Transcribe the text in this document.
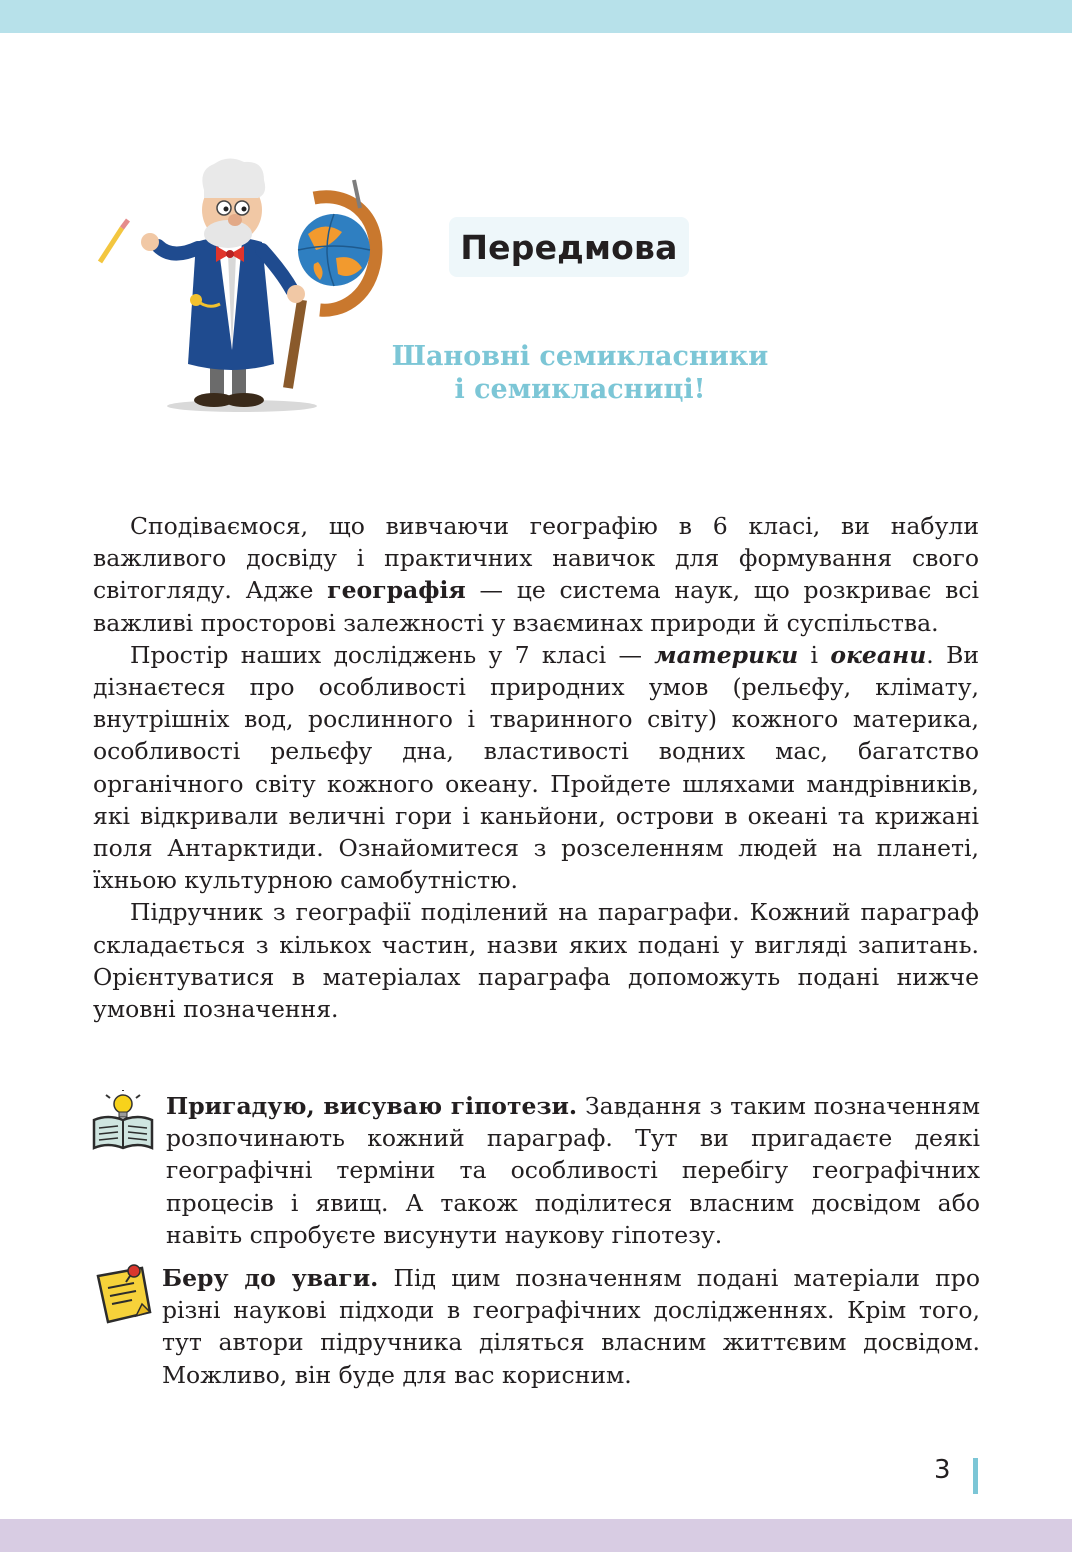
Передмова
Шановні семикласники
і семикласниці!

Сподіваємося, що вивчаючи географію в 6 класі, ви набули важливого досвіду і практичних навичок для формування свого світогляду. Адже географія — це система наук, що розкриває всі важливі просторові залежності у взаєминах природи й суспільства.

Простір наших досліджень у 7 класі — материки і океани. Ви дізнаєтеся про особливості природних умов (рельєфу, клімату, внутрішніх вод, рослинного і тваринного світу) кожного материка, особливості рельєфу дна, властивості водних мас, багатство органічного світу кожного океану. Пройдете шляхами мандрівників, які відкривали величні гори і каньйони, острови в океані та крижані поля Антарктиди. Ознайомитеся з розселенням людей на планеті, їхньою культурною самобутністю.

Підручник з географії поділений на параграфи. Кожний параграф складається з кількох частин, назви яких подані у вигляді запитань. Орієнтуватися в матеріалах параграфа допоможуть подані нижче умовні позначення.

Пригадую, висуваю гіпотези. Завдання з таким позначенням розпочинають кожний параграф. Тут ви пригадаєте деякі географічні терміни та особливості перебігу географічних процесів і явищ. А також поділитеся власним досвідом або навіть спробуєте висунути наукову гіпотезу.

Беру до уваги. Під цим позначенням подані матеріали про різні наукові підходи в географічних дослідженнях. Крім того, тут автори підручника діляться власним життєвим досвідом. Можливо, він буде для вас корисним.

3
